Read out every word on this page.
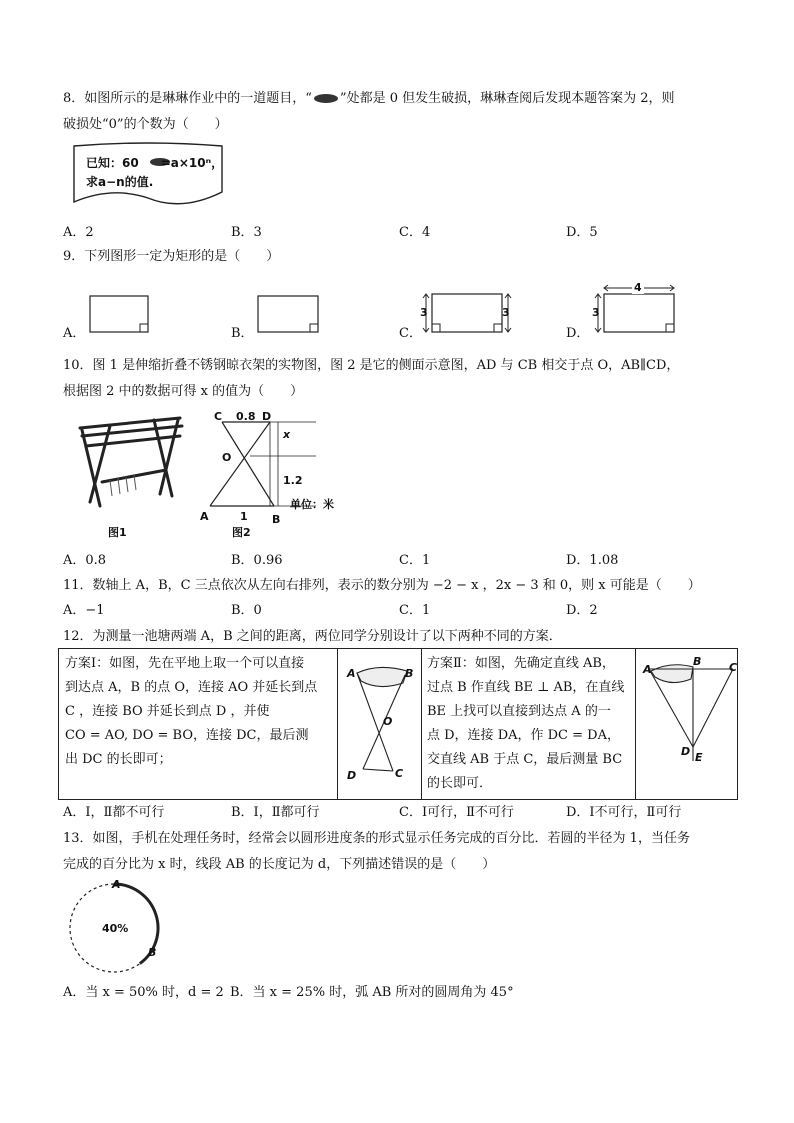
8．如图所示的是琳琳作业中的一道题目，“ ”处都是 0 但发生破损，琳琳查阅后发现本题答案为 2，则
破损处“0”的个数为（　　）
已知：60 =a×10ⁿ，
求a−n的值.
A．2	B．3	C．4	D．5
9．下列图形一定为矩形的是（　　）
A．	B．	C．
3	3
D．
3
4
10．图 1 是伸缩折叠不锈钢晾衣架的实物图，图 2 是它的侧面示意图，AD 与 CB 相交于点 O，AB∥CD，
根据图 2 中的数据可得 x 的值为（　　）
图1
C 0.8 D
x
O
1.2
单位：米
A	1 B
图2
A．0.8	B．0.96	C．1	D．1.08
11．数轴上 A，B，C 三点依次从左向右排列，表示的数分别为 −2 − x ，2x − 3 和 0，则 x 可能是（　　）
A．−1	B．0	C．1	D．2
12．为测量一池塘两端 A，B 之间的距离，两位同学分别设计了以下两种不同的方案．
方案Ⅰ：如图，先在平地上取一个可以直接
到达点 A，B 的点 O，连接 AO 并延长到点
C ，连接 BO 并延长到点 D ，并使
CO = AO, DO = BO，连接 DC，最后测
出 DC 的长即可；
A	B
O
D	C
方案Ⅱ：如图，先确定直线 AB，
过点 B 作直线 BE ⊥ AB，在直线
BE 上找可以直接到达点 A 的一
点 D，连接 DA，作 DC = DA，
交直线 AB 于点 C，最后测量 BC
的长即可．
A
B	C
D E
A．Ⅰ，Ⅱ都不可行	B．Ⅰ，Ⅱ都可行	C．Ⅰ可行，Ⅱ不可行	D．Ⅰ不可行，Ⅱ可行
13．如图，手机在处理任务时，经常会以圆形进度条的形式显示任务完成的百分比．若圆的半径为 1，当任务
完成的百分比为 x 时，线段 AB 的长度记为 d，下列描述错误的是（　　）
40%
A
B
A．当 x = 50% 时，d = 2 B．当 x = 25% 时，弧 AB 所对的圆周角为 45°
